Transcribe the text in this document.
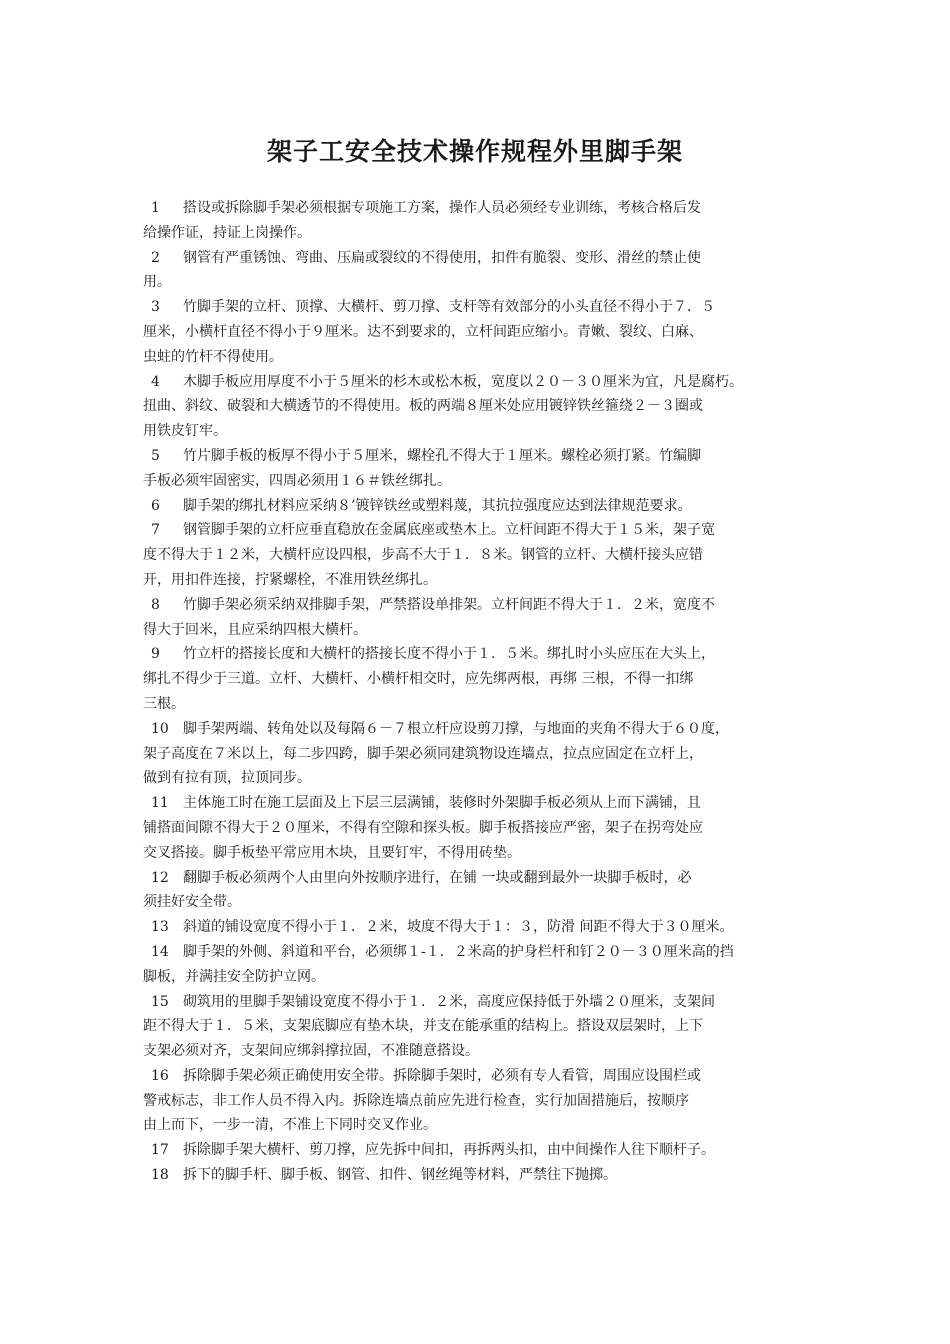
架子工安全技术操作规程外里脚手架
1 搭设或拆除脚手架必须根据专项施工方案，操作人员必须经专业训练，考核合格后发
给操作证，持证上岗操作。
2 钢管有严重锈蚀、弯曲、压扁或裂纹的不得使用，扣件有脆裂、变形、滑丝的禁止使
用。
3 竹脚手架的立杆、顶撑、大横杆、剪刀撑、支杆等有效部分的小头直径不得小于７．５
厘米，小横杆直径不得小于９厘米。达不到要求的，立杆间距应缩小。青嫩、裂纹、白麻、
虫蛀的竹杆不得使用。
4 木脚手板应用厚度不小于５厘米的杉木或松木板，宽度以２０－３０厘米为宜，凡是腐朽。
扭曲、斜纹、破裂和大横透节的不得使用。板的两端８厘米处应用镀锌铁丝箍绕２－３圈或
用铁皮钉牢。
5 竹片脚手板的板厚不得小于５厘米，螺栓孔不得大于１厘米。螺栓必须打紧。竹编脚
手板必须牢固密实，四周必须用１６＃铁丝绑扎。
6 脚手架的绑扎材料应采纳８’镀锌铁丝或塑料蔑，其抗拉强度应达到法律规范要求。
7 钢管脚手架的立杆应垂直稳放在金属底座或垫木上。立杆间距不得大于１５米，架子宽
度不得大于１２米，大横杆应设四根，步高不大于１．８米。钢管的立杆、大横杆接头应错
开，用扣件连接，拧紧螺栓，不准用铁丝绑扎。
8 竹脚手架必须采纳双排脚手架，严禁搭设单排架。立杆间距不得大于１．２米，宽度不
得大于回米，且应采纳四根大横杆。
9 竹立杆的搭接长度和大横杆的搭接长度不得小于１．５米。绑扎时小头应压在大头上，
绑扎不得少于三道。立杆、大横杆、小横杆相交时，应先绑两根，再绑 三根，不得一扣绑
三根。
10 脚手架两端、转角处以及每隔６－７根立杆应设剪刀撑，与地面的夹角不得大于６０度，
架子高度在７米以上，每二步四跨，脚手架必须同建筑物设连墙点，拉点应固定在立杆上，
做到有拉有顶，拉顶同步。
11 主体施工时在施工层面及上下层三层满铺，装修时外架脚手板必须从上而下满铺，且
铺搭面间隙不得大于２０厘米，不得有空隙和探头板。脚手板搭接应严密，架子在拐弯处应
交叉搭接。脚手板垫平常应用木块，且要钉牢，不得用砖垫。
12 翻脚手板必须两个人由里向外按顺序进行，在铺 一块或翻到最外一块脚手板时，必
须挂好安全带。
13 斜道的铺设宽度不得小于１．２米，坡度不得大于１：３，防滑 间距不得大于３０厘米。
14 脚手架的外侧、斜道和平台，必须绑１-１．２米高的护身栏杆和钉２０－３０厘米高的挡
脚板，并满挂安全防护立网。
15 砌筑用的里脚手架铺设宽度不得小于１．２米，高度应保持低于外墙２０厘米，支架间
距不得大于１．５米，支架底脚应有垫木块，并支在能承重的结构上。搭设双层架时，上下
支架必须对齐，支架间应绑斜撑拉固，不准随意搭设。
16 拆除脚手架必须正确使用安全带。拆除脚手架时，必须有专人看管，周围应设围栏或
警戒标志，非工作人员不得入内。拆除连墙点前应先进行检查，实行加固措施后，按顺序
由上而下，一步一清，不准上下同时交叉作业。
17 拆除脚手架大横杆、剪刀撑，应先拆中间扣，再拆两头扣，由中间操作人往下顺杆子。
18 拆下的脚手杆、脚手板、钢管、扣件、钢丝绳等材料，严禁往下抛掷。
